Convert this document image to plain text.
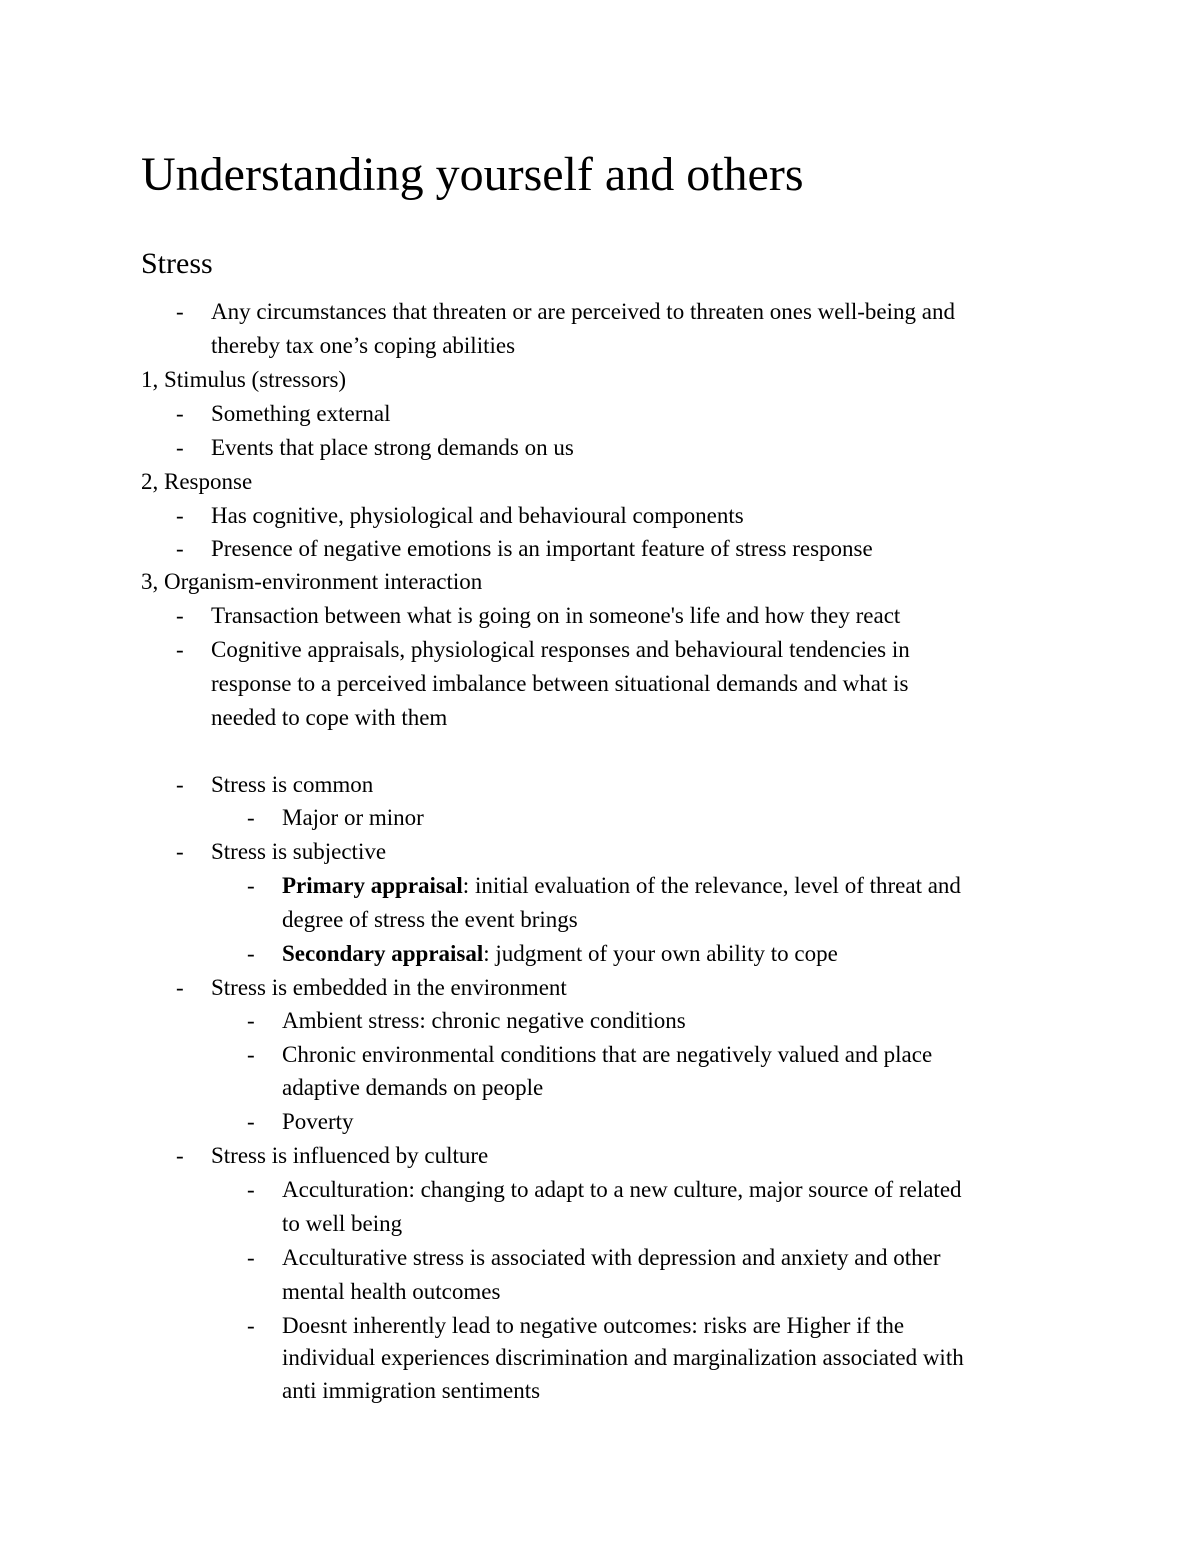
Understanding yourself and others
Stress
- Any circumstances that threaten or are perceived to threaten ones well-being and
thereby tax one’s coping abilities
1, Stimulus (stressors)
- Something external
- Events that place strong demands on us
2, Response
- Has cognitive, physiological and behavioural components
- Presence of negative emotions is an important feature of stress response
3, Organism-environment interaction
- Transaction between what is going on in someone's life and how they react
- Cognitive appraisals, physiological responses and behavioural tendencies in
response to a perceived imbalance between situational demands and what is
needed to cope with them
- Stress is common
- Major or minor
- Stress is subjective
- Primary appraisal: initial evaluation of the relevance, level of threat and
degree of stress the event brings
- Secondary appraisal: judgment of your own ability to cope
- Stress is embedded in the environment
- Ambient stress: chronic negative conditions
- Chronic environmental conditions that are negatively valued and place
adaptive demands on people
- Poverty
- Stress is influenced by culture
- Acculturation: changing to adapt to a new culture, major source of related
to well being
- Acculturative stress is associated with depression and anxiety and other
mental health outcomes
- Doesnt inherently lead to negative outcomes: risks are Higher if the
individual experiences discrimination and marginalization associated with
anti immigration sentiments
